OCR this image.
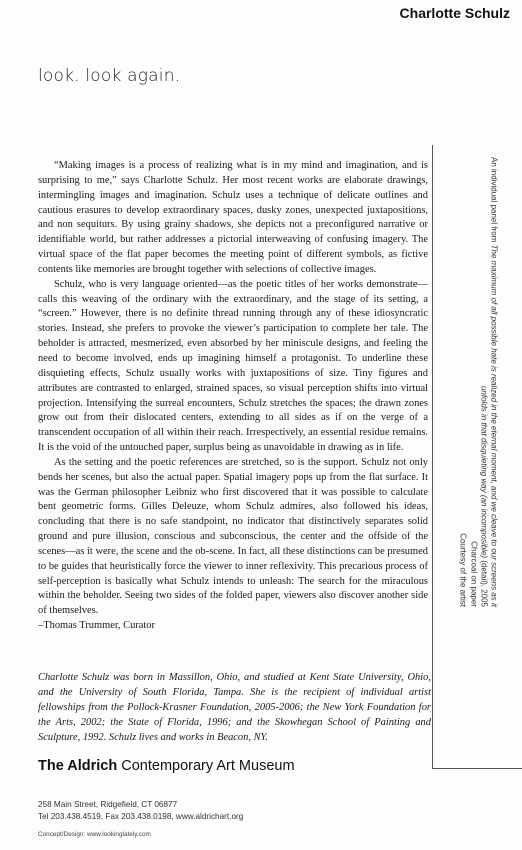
Charlotte Schulz
look. look again.

“Making images is a process of realizing what is in my mind and imagination, and is surprising to me,” says Charlotte Schulz. Her most recent works are elaborate drawings, intermingling images and imagination. Schulz uses a technique of delicate outlines and cautious erasures to develop extraordinary spaces, dusky zones, unexpected juxtapositions, and non sequiturs. By using grainy shadows, she depicts not a preconfigured narrative or identifiable world, but rather addresses a pictorial interweaving of confusing imagery. The virtual space of the flat paper becomes the meeting point of different symbols, as fictive contents like memories are brought together with selections of collective images.

Schulz, who is very language oriented—as the poetic titles of her works demonstrate—calls this weaving of the ordinary with the extraordinary, and the stage of its setting, a “screen.” However, there is no definite thread running through any of these idiosyncratic stories. Instead, she prefers to provoke the viewer’s participation to complete her tale. The beholder is attracted, mesmerized, even absorbed by her miniscule designs, and feeling the need to become involved, ends up imagining himself a protagonist. To underline these disquieting effects, Schulz usually works with juxtapositions of size. Tiny figures and attributes are contrasted to enlarged, strained spaces, so visual perception shifts into virtual projection. Intensifying the surreal encounters, Schulz stretches the spaces; the drawn zones grow out from their dislocated centers, extending to all sides as if on the verge of a transcendent occupation of all within their reach. Irrespectively, an essential residue remains. It is the void of the untouched paper, surplus being as unavoidable in drawing as in life.

As the setting and the poetic references are stretched, so is the support. Schulz not only bends her scenes, but also the actual paper. Spatial imagery pops up from the flat surface. It was the German philosopher Leibniz who first discovered that it was possible to calculate bent geometric forms. Gilles Deleuze, whom Schulz admires, also followed his ideas, concluding that there is no safe standpoint, no indicator that distinctively separates solid ground and pure illusion, conscious and subconscious, the center and the offside of the scenes—as it were, the scene and the ob-scene. In fact, all these distinctions can be presumed to be guides that heuristically force the viewer to inner reflexivity. This precarious process of self-perception is basically what Schulz intends to unleash: The search for the miraculous within the beholder. Seeing two sides of the folded paper, viewers also discover another side of themselves.

–Thomas Trummer, Curator

Charlotte Schulz was born in Massillon, Ohio, and studied at Kent State University, Ohio, and the University of South Florida, Tampa. She is the recipient of individual artist fellowships from the Pollock-Krasner Foundation, 2005-2006; the New York Foundation for the Arts, 2002; the State of Florida, 1996; and the Skowhegan School of Painting and Sculpture, 1992. Schulz lives and works in Beacon, NY.

The Aldrich Contemporary Art Museum
258 Main Street, Ridgefield, CT 06877
Tel 203.438.4519, Fax 203.438.0198, www.aldrichart.org
Concept/Design: www.lookinglately.com
An individual panel from The maximum of all possible hate is realized in the eternal moment, and we cleave to our screens as it unfolds in that disquieting way (an incomposible) (detail), 2005
Charcoal on paper
Courtesy of the artist
